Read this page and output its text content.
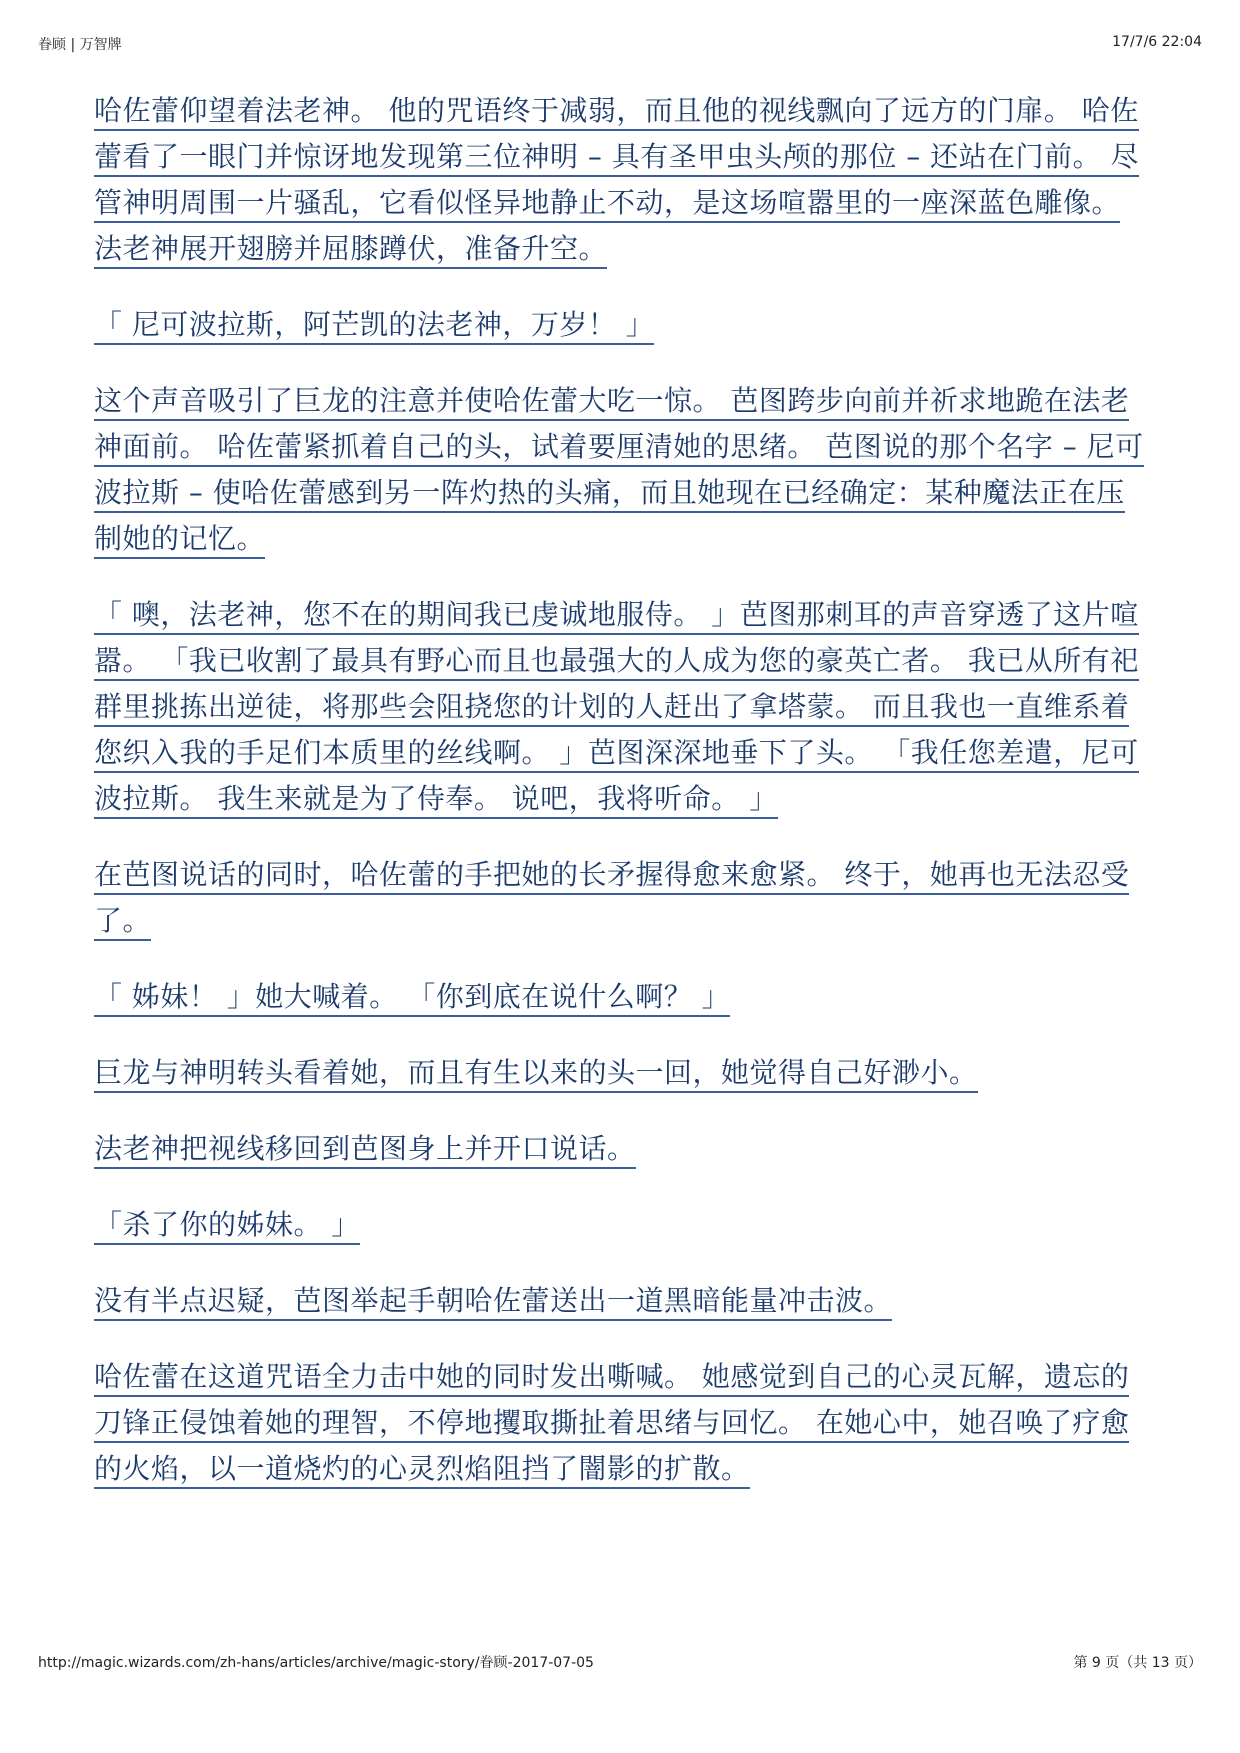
眷顾 | 万智牌	17/7/6 22:04

哈佐蕾仰望着法老神。 他的咒语终于减弱，而且他的视线飘向了远方的门扉。 哈佐蕾看了一眼门并惊讶地发现第三位神明 – 具有圣甲虫头颅的那位 – 还站在门前。 尽管神明周围一片骚乱，它看似怪异地静止不动，是这场喧嚣里的一座深蓝色雕像。 法老神展开翅膀并屈膝蹲伏，准备升空。

「 尼可波拉斯，阿芒凯的法老神，万岁！ 」

这个声音吸引了巨龙的注意并使哈佐蕾大吃一惊。 芭图跨步向前并祈求地跪在法老神面前。 哈佐蕾紧抓着自己的头，试着要厘清她的思绪。 芭图说的那个名字 – 尼可波拉斯 – 使哈佐蕾感到另一阵灼热的头痛，而且她现在已经确定：某种魔法正在压制她的记忆。

「 噢，法老神，您不在的期间我已虔诚地服侍。 」芭图那刺耳的声音穿透了这片喧嚣。 「我已收割了最具有野心而且也最强大的人成为您的豪英亡者。 我已从所有祀群里挑拣出逆徒，将那些会阻挠您的计划的人赶出了拿塔蒙。 而且我也一直维系着您织入我的手足们本质里的丝线啊。 」芭图深深地垂下了头。 「我任您差遣，尼可波拉斯。 我生来就是为了侍奉。 说吧，我将听命。 」

在芭图说话的同时，哈佐蕾的手把她的长矛握得愈来愈紧。 终于，她再也无法忍受了。

「 姊妹！ 」她大喊着。 「你到底在说什么啊？ 」

巨龙与神明转头看着她，而且有生以来的头一回，她觉得自己好渺小。

法老神把视线移回到芭图身上并开口说话。

「杀了你的姊妹。 」

没有半点迟疑，芭图举起手朝哈佐蕾送出一道黑暗能量冲击波。

哈佐蕾在这道咒语全力击中她的同时发出嘶喊。 她感觉到自己的心灵瓦解，遗忘的刀锋正侵蚀着她的理智，不停地攫取撕扯着思绪与回忆。 在她心中，她召唤了疗愈的火焰，以一道烧灼的心灵烈焰阻挡了闇影的扩散。

http://magic.wizards.com/zh-hans/articles/archive/magic-story/眷顾-2017-07-05	第 9 页（共 13 页）
